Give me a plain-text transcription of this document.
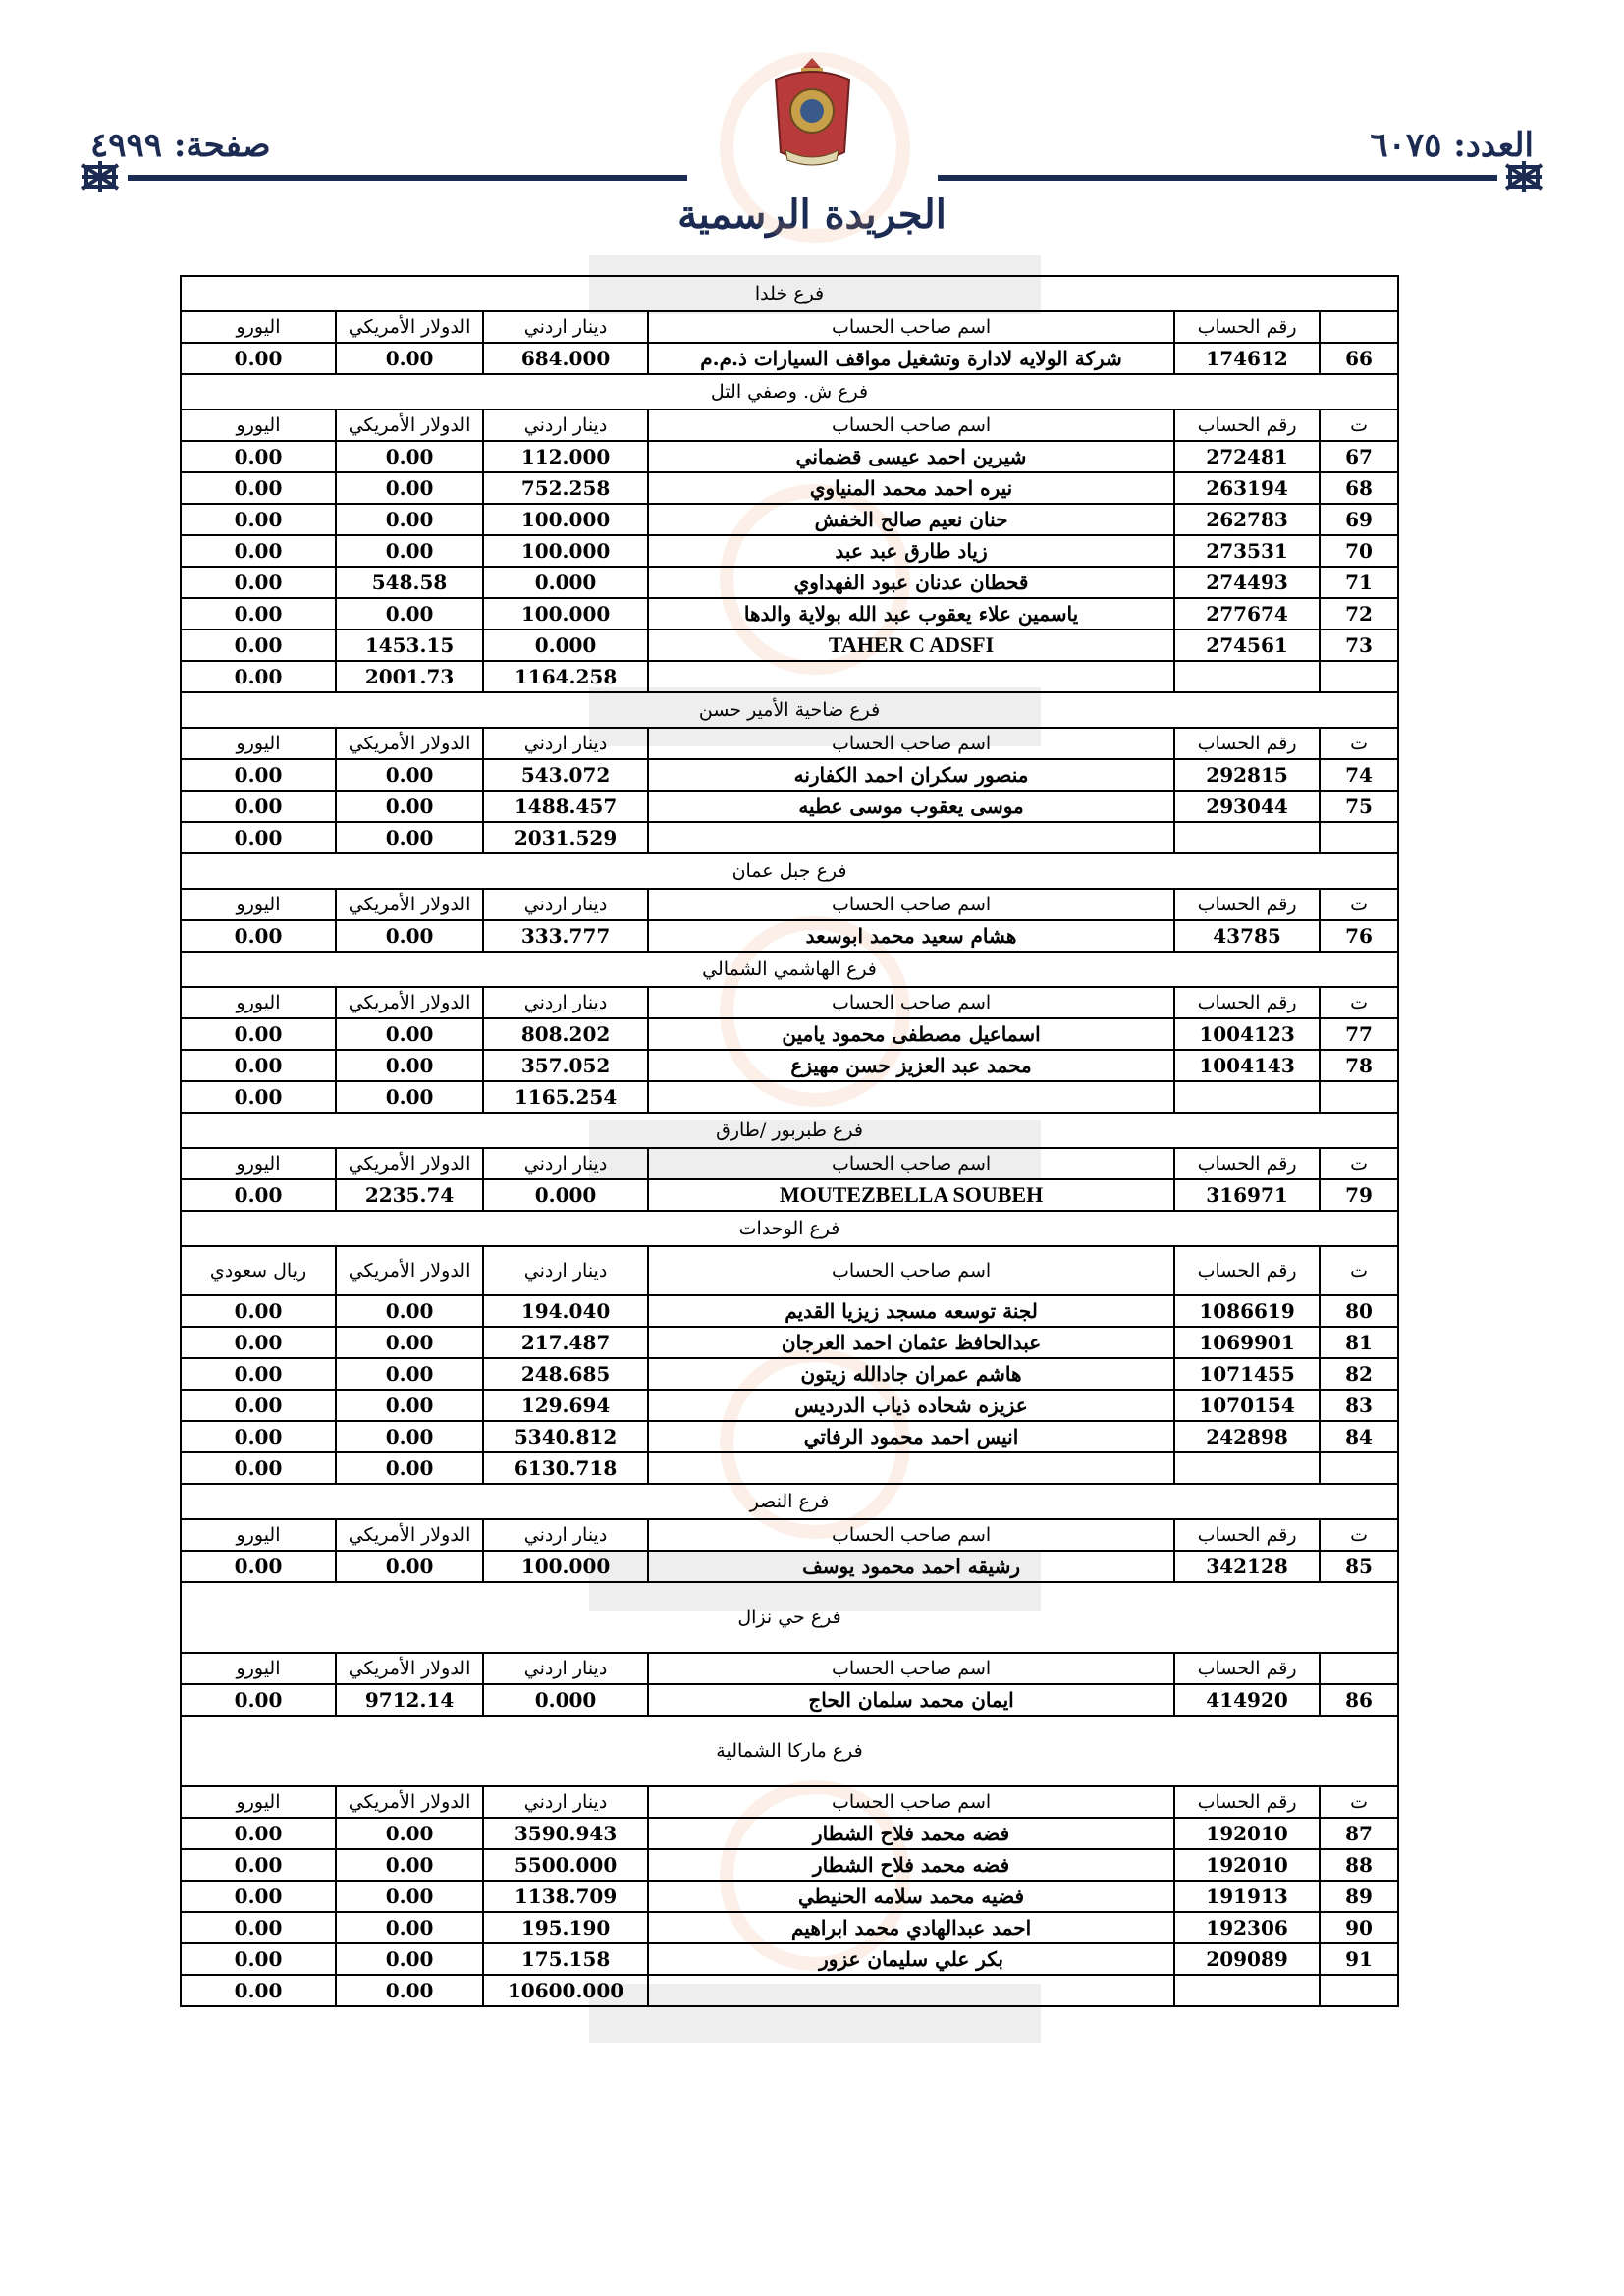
العدد: ٦٠٧٥
صفحة: ٤٩٩٩
الجريدة الرسمية
فرع خلدا					
	رقم الحساب	اسم صاحب الحساب	دينار اردني	الدولار الأمريكي	اليورو
66	174612	شركة الولايه لادارة وتشغيل مواقف السيارات ذ.م.م	684.000	0.00	0.00
فرع ش. وصفي التل					
ت	رقم الحساب	اسم صاحب الحساب	دينار اردني	الدولار الأمريكي	اليورو
67	272481	شيرين احمد عيسى قضماني	112.000	0.00	0.00
68	263194	نيره احمد محمد المنياوي	752.258	0.00	0.00
69	262783	حنان نعيم صالح الخفش	100.000	0.00	0.00
70	273531	زياد طارق عبد عبد	100.000	0.00	0.00
71	274493	قحطان عدنان عبود الفهداوي	0.000	548.58	0.00
72	277674	ياسمين علاء يعقوب عبد الله بولاية والدها	100.000	0.00	0.00
73	274561	TAHER C ADSFI	0.000	1453.15	0.00
			1164.258	2001.73	0.00
فرع ضاحية الأمير حسن					
ت	رقم الحساب	اسم صاحب الحساب	دينار اردني	الدولار الأمريكي	اليورو
74	292815	منصور سكران احمد الكفارنه	543.072	0.00	0.00
75	293044	موسى يعقوب موسى عطيه	1488.457	0.00	0.00
			2031.529	0.00	0.00
فرع جبل عمان					
ت	رقم الحساب	اسم صاحب الحساب	دينار اردني	الدولار الأمريكي	اليورو
76	43785	هشام سعيد محمد ابوسعد	333.777	0.00	0.00
فرع الهاشمي الشمالي					
ت	رقم الحساب	اسم صاحب الحساب	دينار اردني	الدولار الأمريكي	اليورو
77	1004123	اسماعيل مصطفى محمود يامين	808.202	0.00	0.00
78	1004143	محمد عبد العزيز حسن مهيزع	357.052	0.00	0.00
			1165.254	0.00	0.00
فرع طبربور /طارق					
ت	رقم الحساب	اسم صاحب الحساب	دينار اردني	الدولار الأمريكي	اليورو
79	316971	MOUTEZBELLA SOUBEH	0.000	2235.74	0.00
فرع الوحدات					
ت	رقم الحساب	اسم صاحب الحساب	دينار اردني	الدولار الأمريكي	ريال سعودي
80	1086619	لجنة توسعه مسجد زيزيا القديم	194.040	0.00	0.00
81	1069901	عبدالحافظ عثمان احمد العرجان	217.487	0.00	0.00
82	1071455	هاشم عمران جادالله زيتون	248.685	0.00	0.00
83	1070154	عزيزه شحاده ذياب الدرديس	129.694	0.00	0.00
84	242898	انيس احمد محمود الرفاتي	5340.812	0.00	0.00
			6130.718	0.00	0.00
فرع النصر					
ت	رقم الحساب	اسم صاحب الحساب	دينار اردني	الدولار الأمريكي	اليورو
85	342128	رشيقه احمد محمود يوسف	100.000	0.00	0.00
فرع حي نزال					
	رقم الحساب	اسم صاحب الحساب	دينار اردني	الدولار الأمريكي	اليورو
86	414920	ايمان محمد سلمان الحاج	0.000	9712.14	0.00
فرع ماركا الشمالية					
ت	رقم الحساب	اسم صاحب الحساب	دينار اردني	الدولار الأمريكي	اليورو
87	192010	فضه محمد فلاح الشطار	3590.943	0.00	0.00
88	192010	فضه محمد فلاح الشطار	5500.000	0.00	0.00
89	191913	فضيه محمد سلامه الحنيطي	1138.709	0.00	0.00
90	192306	احمد عبدالهادي محمد ابراهيم	195.190	0.00	0.00
91	209089	بكر علي سليمان عزور	175.158	0.00	0.00
			10600.000	0.00	0.00
